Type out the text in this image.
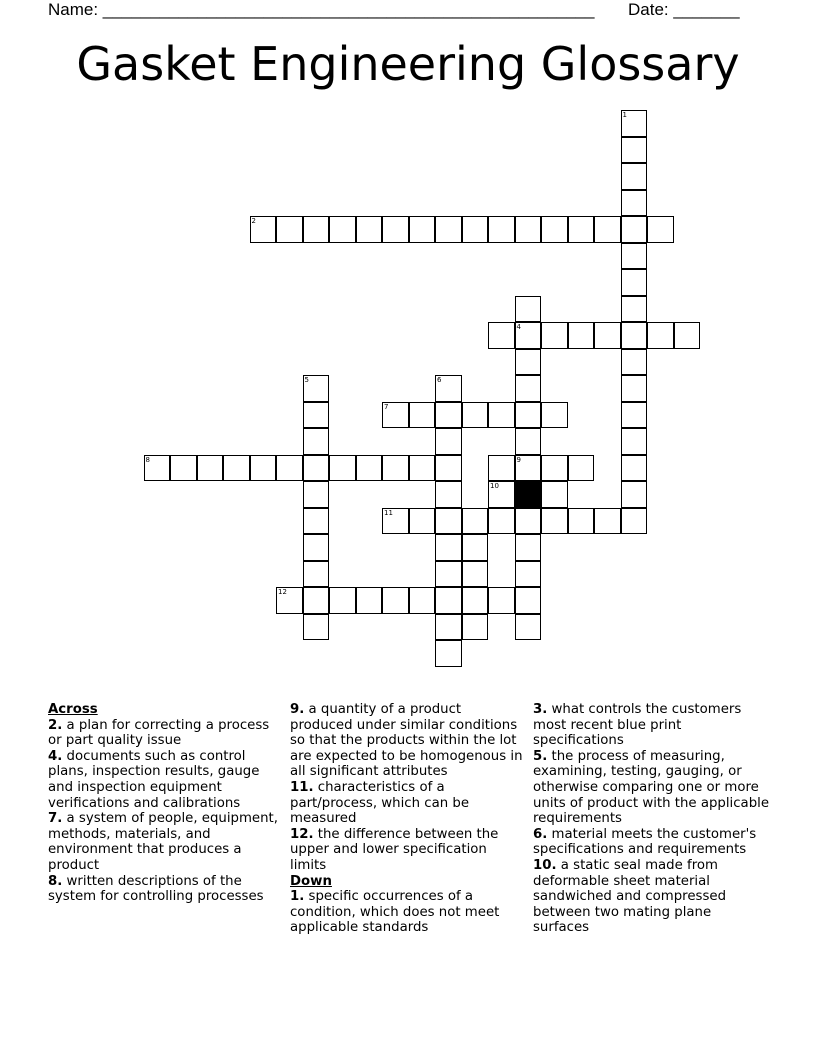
Name: ____________________________________________________ Date: _______
Gasket Engineering Glossary
1
2
4
9
5	6
7
8
10
11
12
Across
2. a plan for correcting a process or part quality issue
4. documents such as control plans, inspection results, gauge and inspection equipment verifications and calibrations
7. a system of people, equipment, methods, materials, and environment that produces a product
8. written descriptions of the system for controlling processes
9. a quantity of a product produced under similar conditions so that the products within the lot are expected to be homogenous in all significant attributes
11. characteristics of a part/process, which can be measured
12. the difference between the upper and lower specification limits
Down
1. specific occurrences of a condition, which does not meet applicable standards
3. what controls the customers most recent blue print specifications
5. the process of measuring, examining, testing, gauging, or otherwise comparing one or more units of product with the applicable requirements
6. material meets the customer's specifications and requirements
10. a static seal made from deformable sheet material sandwiched and compressed between two mating plane surfaces
